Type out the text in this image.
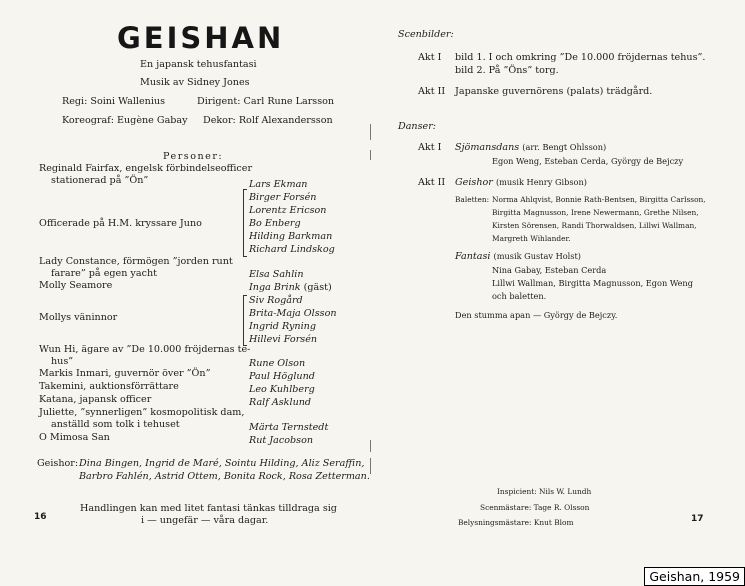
GEISHAN
En japansk tehusfantasi
Musik av Sidney Jones
Regi: Soini Wallenius	Dirigent: Carl Rune Larsson
Koreograf: Eugène Gabay Dekor: Rolf Alexandersson
Personer:
Reginald Fairfax, engelsk förbindelseofficer
stationerad på ”Ön”
Officerade på H.M. kryssare Juno
Lady Constance, förmögen ”jorden runt
farare” på egen yacht
Molly Seamore
Mollys väninnor
Wun Hi, ägare av ”De 10.000 fröjdernas te-
hus”
Markis Inmari, guvernör över ”Ön”
Takemini, auktionsförrättare
Katana, japansk officer
Juliette, ”synnerligen” kosmopolitisk dam,
anställd som tolk i tehuset
O Mimosa San
Lars Ekman
Birger Forsén
Lorentz Ericson
Bo Enberg
Hilding Barkman
Richard Lindskog
Elsa Sahlin
Inga Brink (gäst)
Siv Rogård
Brita-Maja Olsson
Ingrid Ryning
Hillevi Forsén
Rune Olson
Paul Höglund
Leo Kuhlberg
Ralf Asklund
Märta Ternstedt
Rut Jacobson
Geishor: Dina Bingen, Ingrid de Maré, Sointu Hilding, Aliz Seraffin,
Barbro Fahlén, Astrid Ottem, Bonita Rock, Rosa Zetterman.
Handlingen kan med litet fantasi tänkas tilldraga sig
i — ungefär — våra dagar.
16
Scenbilder:
Akt I bild 1. I och omkring ”De 10.000 fröjdernas tehus”.
bild 2. På ”Öns” torg.
Akt II Japanske guvernörens (palats) trädgård.
Danser:
Akt I Sjömansdans (arr. Bengt Ohlsson)
Egon Weng, Esteban Cerda, György de Bejczy
Akt II Geishor (musik Henry Gibson)
Baletten: Norma Ahlqvist, Bonnie Rath-Bentsen, Birgitta Carlsson,
Birgitta Magnusson, Irene Newermann, Grethe Nilsen,
Kirsten Sörensen, Randi Thorwaldsen, Lillwi Wallman,
Margreth Wihlander.
Fantasi (musik Gustav Holst)
Nina Gabay, Esteban Cerda
Lillwi Wallman, Birgitta Magnusson, Egon Weng
och baletten.
Den stumma apan — György de Bejczy.
Inspicient: Nils W. Lundh
Scenmästare: Tage R. Olsson
Belysningsmästare: Knut Blom	17
Geishan, 1959
